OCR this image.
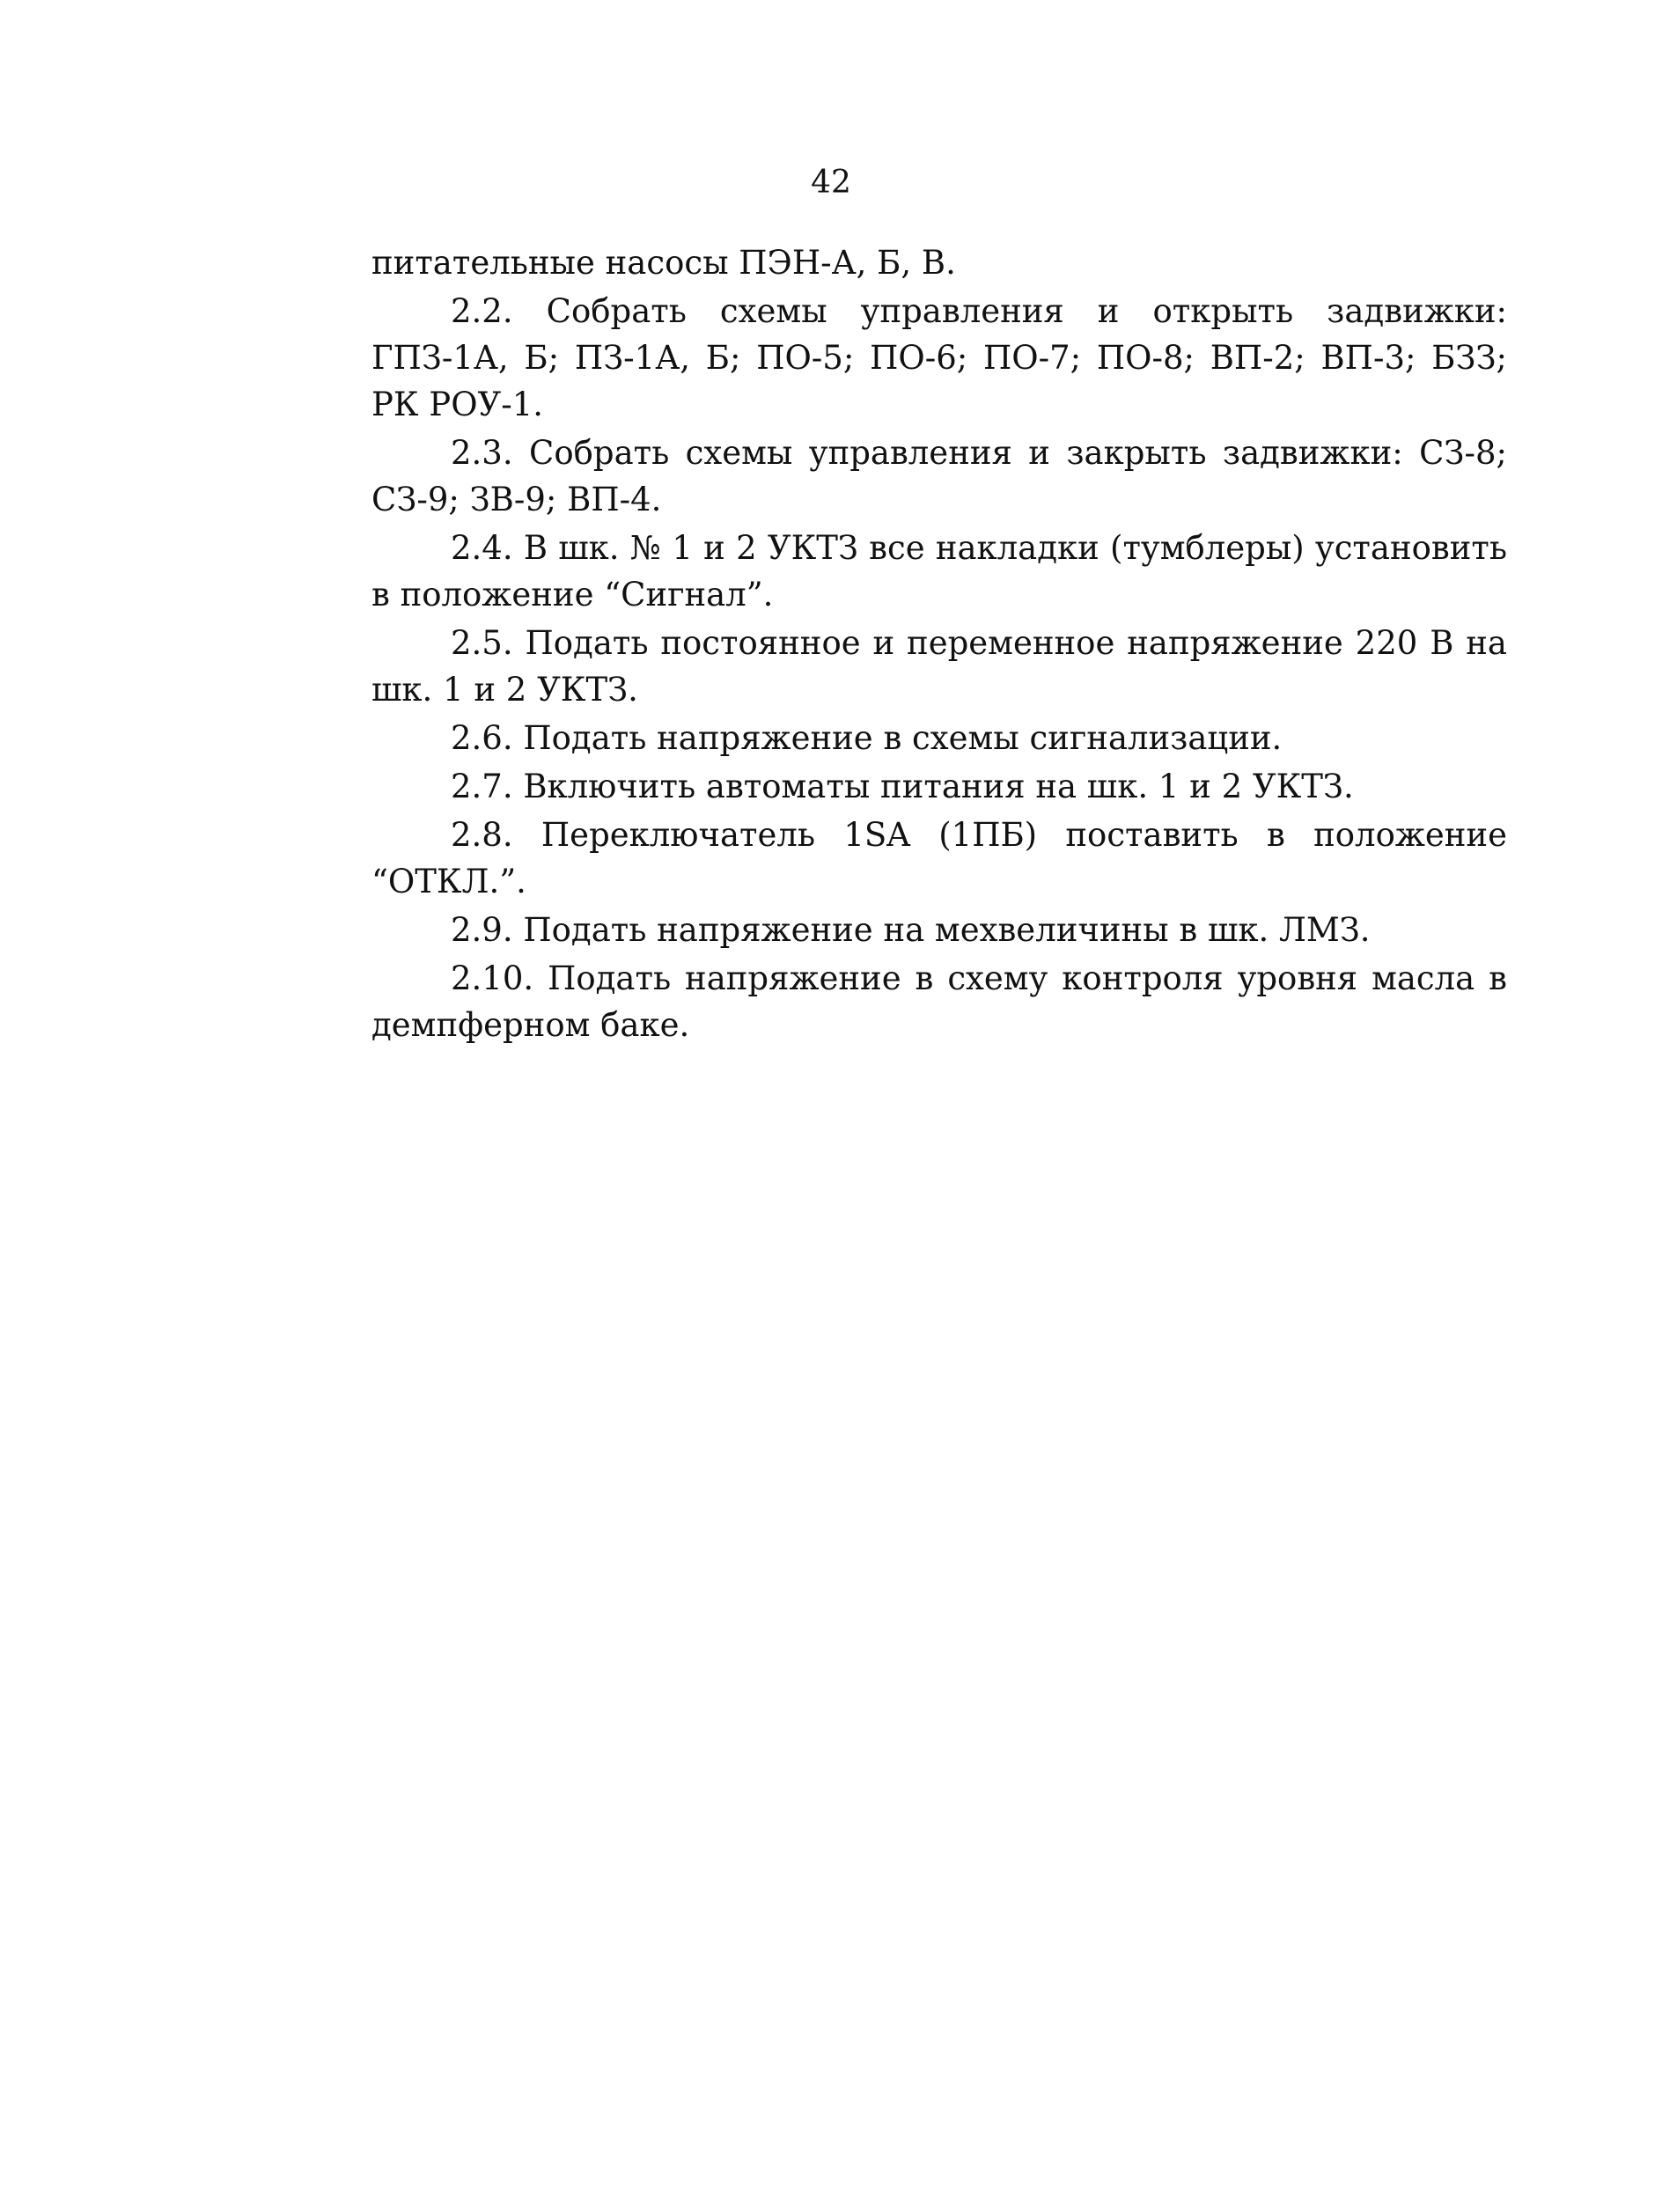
42

питательные насосы ПЭН-А, Б, В.

2.2. Собрать схемы управления и открыть задвижки: ГПЗ-1А, Б; ПЗ-1А, Б; ПО-5; ПО-6; ПО-7; ПО-8; ВП-2; ВП-3; БЗЗ; РК РОУ-1.

2.3. Собрать схемы управления и закрыть задвижки: СЗ-8; СЗ-9; ЗВ-9; ВП-4.

2.4. В шк. № 1 и 2 УКТЗ все накладки (тумблеры) установить в положение “Сигнал”.

2.5. Подать постоянное и переменное напряжение 220 В на шк. 1 и 2 УКТЗ.

2.6. Подать напряжение в схемы сигнализации.

2.7. Включить автоматы питания на шк. 1 и 2 УКТЗ.

2.8. Переключатель 1SA (1ПБ) поставить в положение “ОТКЛ.”.

2.9. Подать напряжение на мехвеличины в шк. ЛМЗ.

2.10. Подать напряжение в схему контроля уровня масла в демпферном баке.
